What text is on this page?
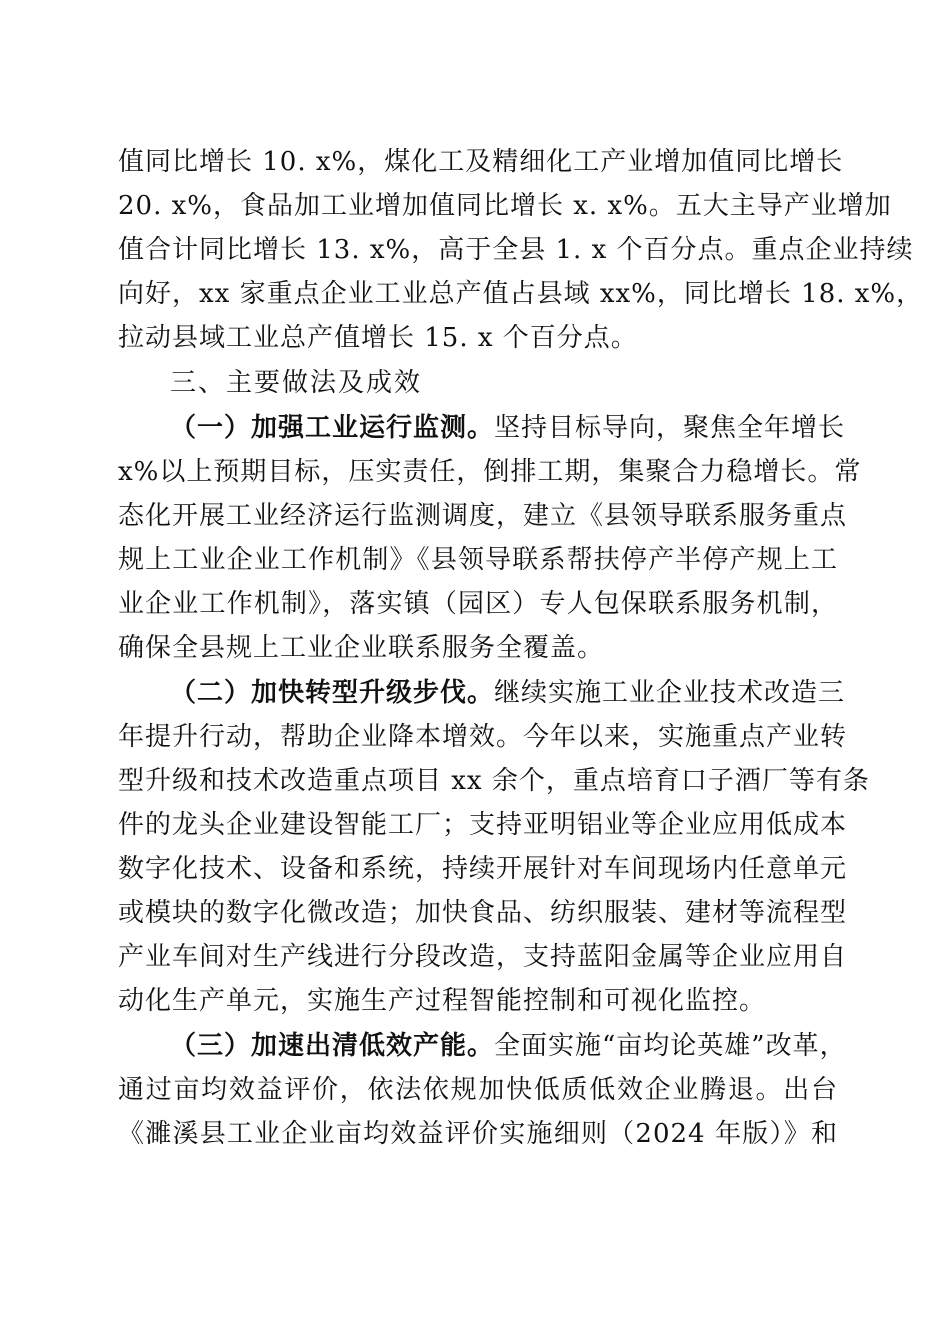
值同比增长 10. x%，煤化工及精细化工产业增加值同比增长
20. x%，食品加工业增加值同比增长 x. x%。五大主导产业增加
值合计同比增长 13. x%，高于全县 1. x 个百分点。重点企业持续
向好，xx 家重点企业工业总产值占县域 xx%，同比增长 18. x%，
拉动县域工业总产值增长 15. x 个百分点。
三、主要做法及成效
（一）加强工业运行监测。坚持目标导向，聚焦全年增长
x%以上预期目标，压实责任，倒排工期，集聚合力稳增长。常
态化开展工业经济运行监测调度，建立《县领导联系服务重点
规上工业企业工作机制》《县领导联系帮扶停产半停产规上工
业企业工作机制》，落实镇（园区）专人包保联系服务机制，
确保全县规上工业企业联系服务全覆盖。
（二）加快转型升级步伐。继续实施工业企业技术改造三
年提升行动，帮助企业降本增效。今年以来，实施重点产业转
型升级和技术改造重点项目 xx 余个，重点培育口子酒厂等有条
件的龙头企业建设智能工厂；支持亚明铝业等企业应用低成本
数字化技术、设备和系统，持续开展针对车间现场内任意单元
或模块的数字化微改造；加快食品、纺织服装、建材等流程型
产业车间对生产线进行分段改造，支持蓝阳金属等企业应用自
动化生产单元，实施生产过程智能控制和可视化监控。
（三）加速出清低效产能。全面实施“亩均论英雄”改革，
通过亩均效益评价，依法依规加快低质低效企业腾退。出台
《濉溪县工业企业亩均效益评价实施细则（2024 年版）》和
